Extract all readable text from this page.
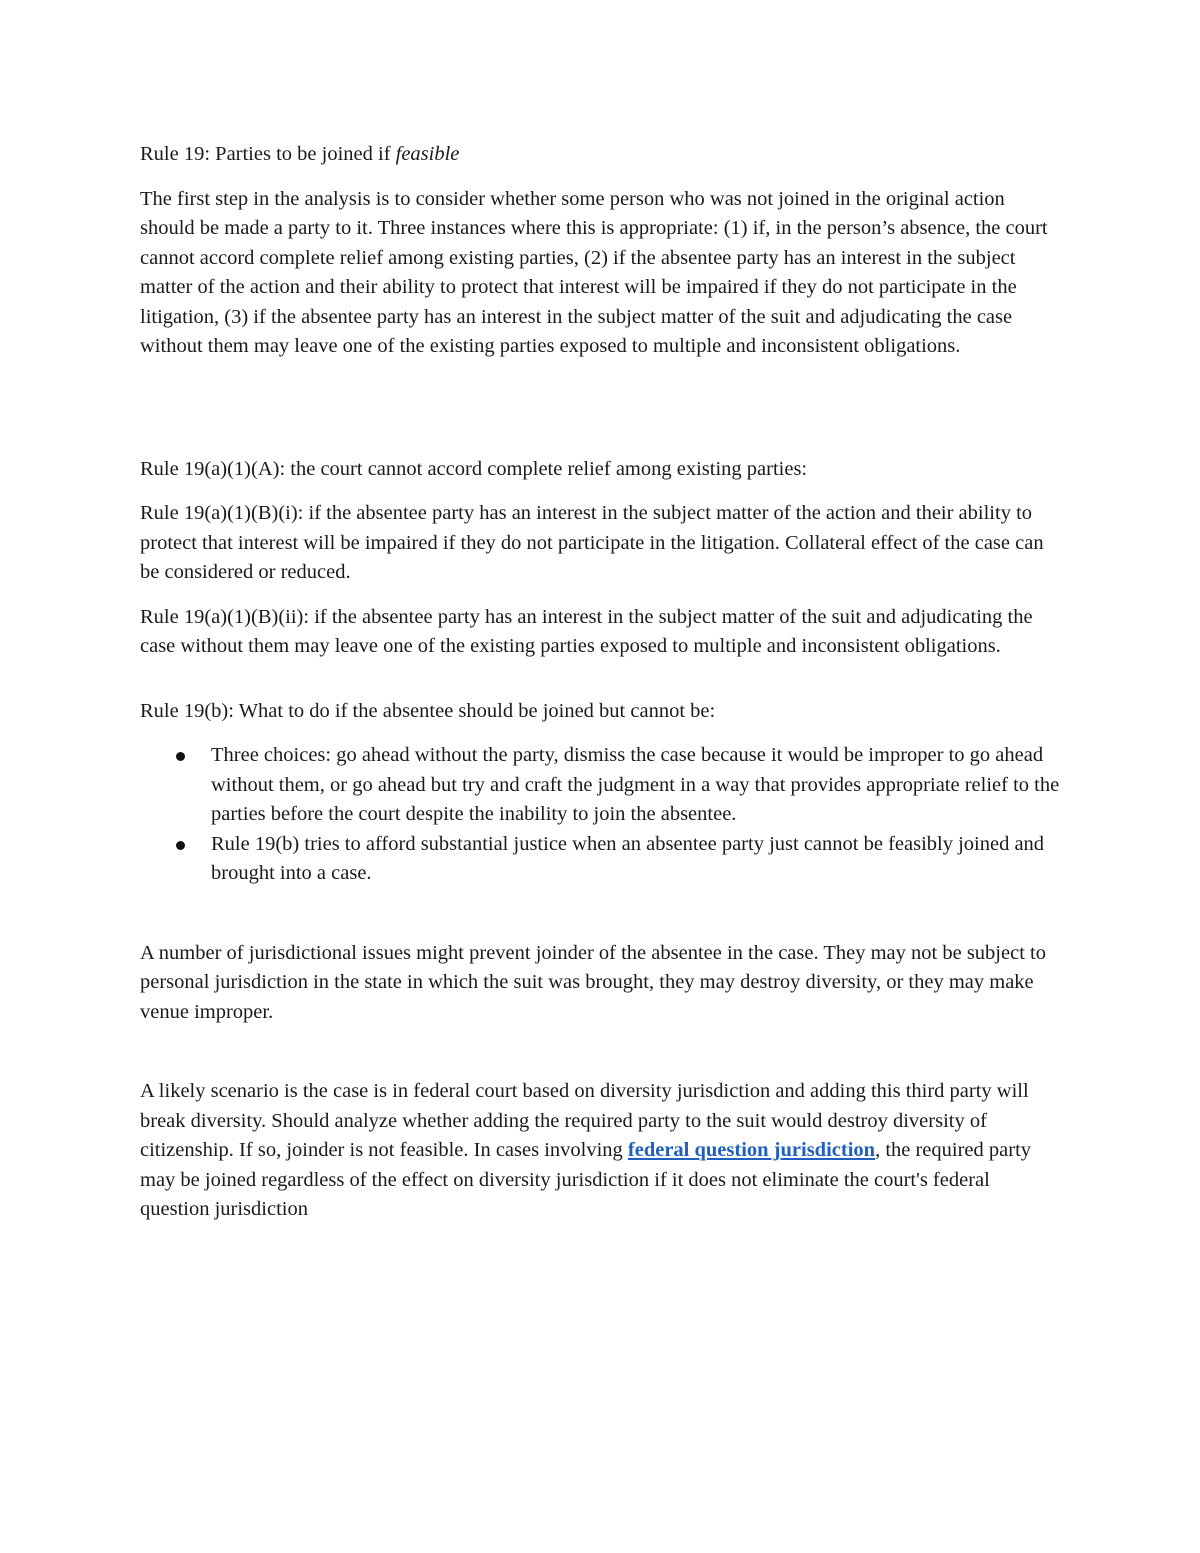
Rule 19: Parties to be joined if feasible

The first step in the analysis is to consider whether some person who was not joined in the original action should be made a party to it. Three instances where this is appropriate: (1) if, in the person’s absence, the court cannot accord complete relief among existing parties, (2) if the absentee party has an interest in the subject matter of the action and their ability to protect that interest will be impaired if they do not participate in the litigation, (3) if the absentee party has an interest in the subject matter of the suit and adjudicating the case without them may leave one of the existing parties exposed to multiple and inconsistent obligations.

Rule 19(a)(1)(A): the court cannot accord complete relief among existing parties:

Rule 19(a)(1)(B)(i): if the absentee party has an interest in the subject matter of the action and their ability to protect that interest will be impaired if they do not participate in the litigation. Collateral effect of the case can be considered or reduced.

Rule 19(a)(1)(B)(ii): if the absentee party has an interest in the subject matter of the suit and adjudicating the case without them may leave one of the existing parties exposed to multiple and inconsistent obligations.

Rule 19(b): What to do if the absentee should be joined but cannot be:

Three choices: go ahead without the party, dismiss the case because it would be improper to go ahead without them, or go ahead but try and craft the judgment in a way that provides appropriate relief to the parties before the court despite the inability to join the absentee.
Rule 19(b) tries to afford substantial justice when an absentee party just cannot be feasibly joined and brought into a case.

A number of jurisdictional issues might prevent joinder of the absentee in the case. They may not be subject to personal jurisdiction in the state in which the suit was brought, they may destroy diversity, or they may make venue improper.

A likely scenario is the case is in federal court based on diversity jurisdiction and adding this third party will break diversity. Should analyze whether adding the required party to the suit would destroy diversity of citizenship. If so, joinder is not feasible. In cases involving federal question jurisdiction, the required party may be joined regardless of the effect on diversity jurisdiction if it does not eliminate the court's federal question jurisdiction
